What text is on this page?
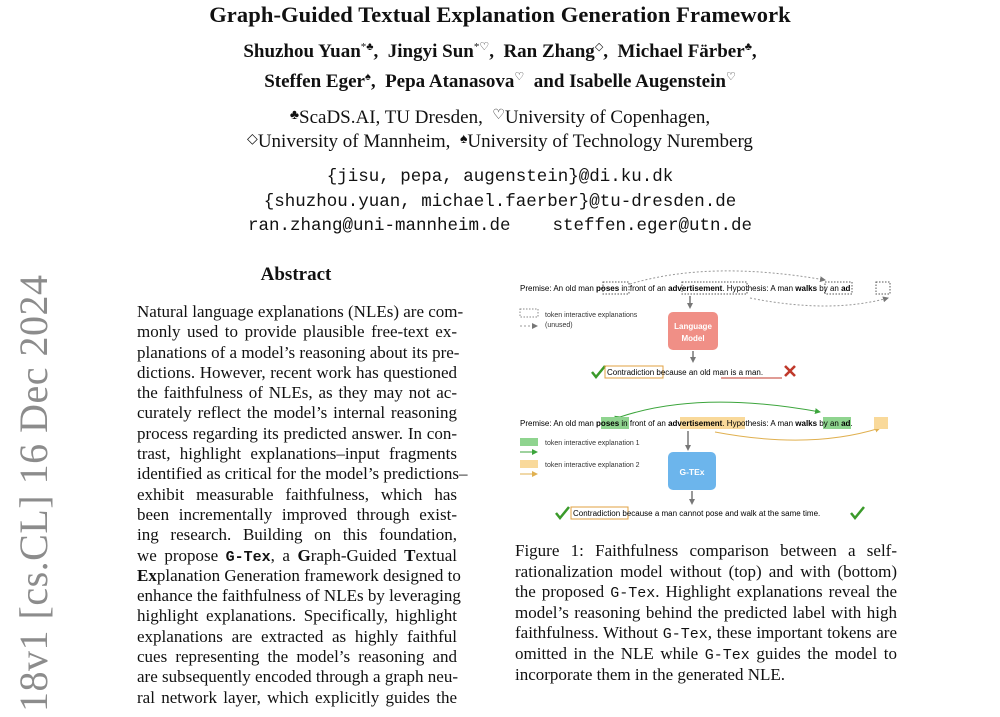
Graph-Guided Textual Explanation Generation Framework
Shuzhou Yuan*♣,  Jingyi Sun*♡,  Ran Zhang◇,  Michael Färber♣,
Steffen Eger♠,  Pepa Atanasova♡ and Isabelle Augenstein♡
♣ScaDS.AI, TU Dresden, ♡University of Copenhagen,
◇University of Mannheim, ♠University of Technology Nuremberg
{jisu, pepa, augenstein}@di.ku.dk
{shuzhou.yuan, michael.faerber}@tu-dresden.de
ran.zhang@uni-mannheim.de steffen.eger@utn.de
18v1 [cs.CL] 16 Dec 2024
Abstract
Natural language explanations (NLEs) are com-
monly used to provide plausible free-text ex-
planations of a model’s reasoning about its pre-
dictions. However, recent work has questioned
the faithfulness of NLEs, as they may not ac-
curately reflect the model’s internal reasoning
process regarding its predicted answer. In con-
trast, highlight explanations–input fragments
identified as critical for the model’s predictions–
exhibit measurable faithfulness, which has
been incrementally improved through exist-
ing research. Building on this foundation,
we propose G-Tex, a Graph-Guided Textual
Explanation Generation framework designed to
enhance the faithfulness of NLEs by leveraging
highlight explanations. Specifically, highlight
explanations are extracted as highly faithful
cues representing the model’s reasoning and
are subsequently encoded through a graph neu-
ral network layer, which explicitly guides the
Premise: An old man poses in front of an advertisement. Hypothesis: A man walks by an ad
token interactive explanations
(unused)	Language
Model
Contradiction because an old man is a man.
Premise: An old man poses in front of an advertisement. Hypothesis: A man walks by an ad.
token interactive explanation 1
token interactive explanation 2
G-TEx
Contradiction because a man cannot pose and walk at the same time.
Figure 1: Faithfulness comparison between a self-
rationalization model without (top) and with (bottom)
the proposed G-Tex. Highlight explanations reveal the
model’s reasoning behind the predicted label with high
faithfulness. Without G-Tex, these important tokens are
omitted in the NLE while G-Tex guides the model to
incorporate them in the generated NLE.
